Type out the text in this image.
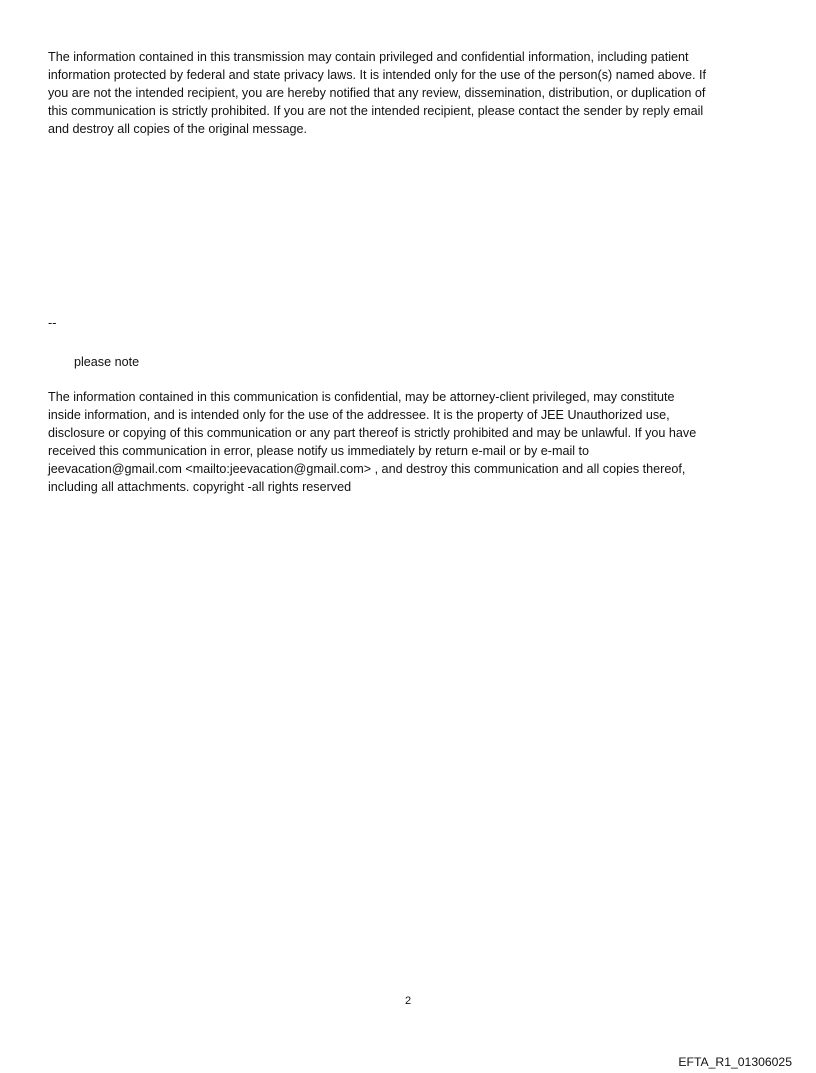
The information contained in this transmission may contain privileged and confidential information, including patient
information protected by federal and state privacy laws. It is intended only for the use of the person(s) named above. If
you are not the intended recipient, you are hereby notified that any review, dissemination, distribution, or duplication of
this communication is strictly prohibited. If you are not the intended recipient, please contact the sender by reply email
and destroy all copies of the original message.

--

please note

The information contained in this communication is confidential, may be attorney-client privileged, may constitute
inside information, and is intended only for the use of the addressee. It is the property of JEE Unauthorized use,
disclosure or copying of this communication or any part thereof is strictly prohibited and may be unlawful. If you have
received this communication in error, please notify us immediately by return e-mail or by e-mail to
jeevacation@gmail.com <mailto:jeevacation@gmail.com> , and destroy this communication and all copies thereof,
including all attachments. copyright -all rights reserved

2

EFTA_R1_01306025
